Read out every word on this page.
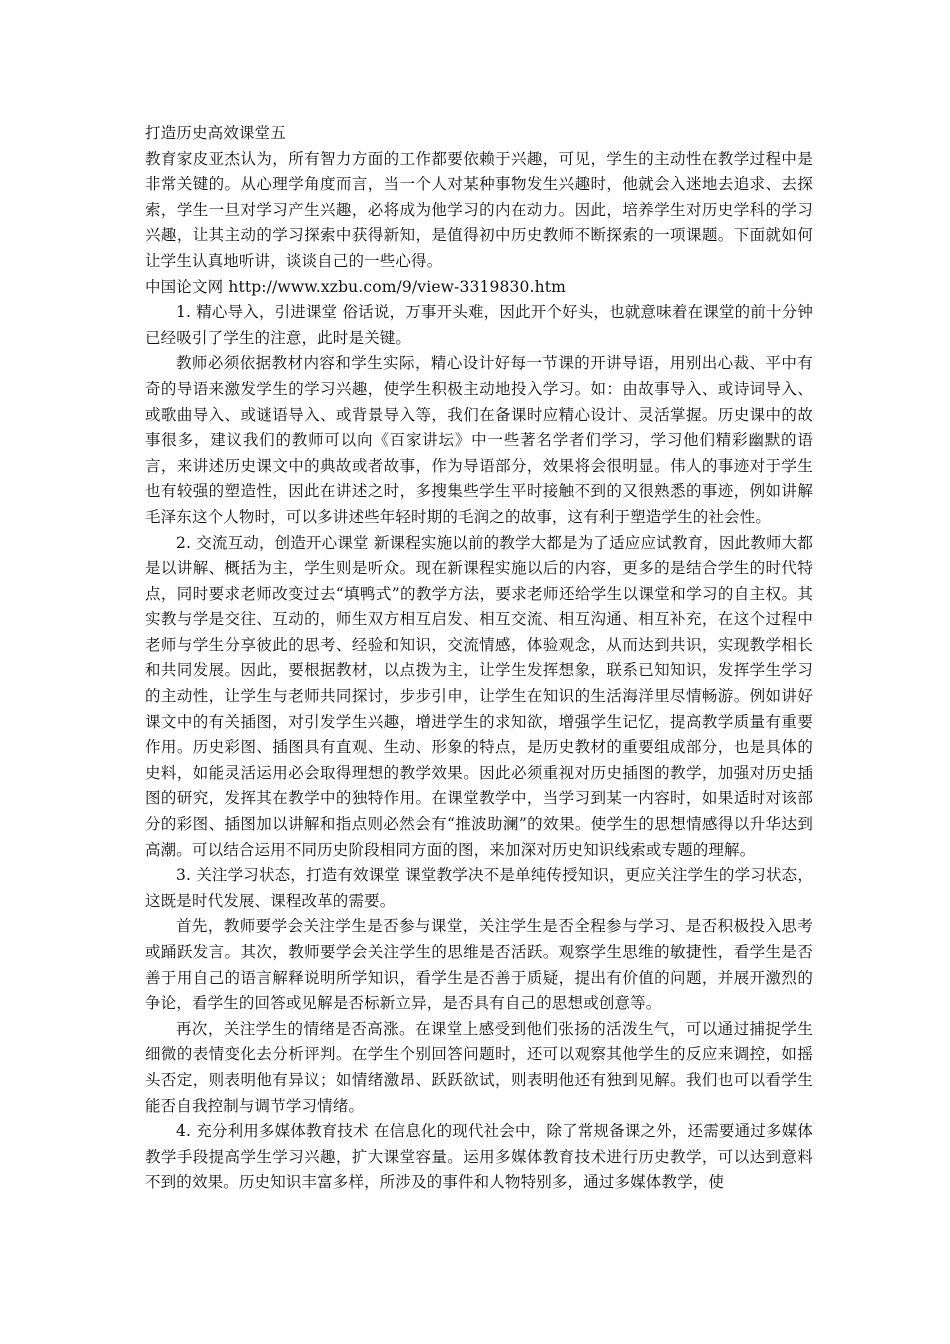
打造历史高效课堂五

教育家皮亚杰认为，所有智力方面的工作都要依赖于兴趣，可见，学生的主动性在教学过程中是非常关键的。从心理学角度而言，当一个人对某种事物发生兴趣时，他就会入迷地去追求、去探索，学生一旦对学习产生兴趣，必将成为他学习的内在动力。因此，培养学生对历史学科的学习兴趣，让其主动的学习探索中获得新知，是值得初中历史教师不断探索的一项课题。下面就如何让学生认真地听讲，谈谈自己的一些心得。

中国论文网 http://www.xzbu.com/9/view-3319830.htm

1. 精心导入，引进课堂 俗话说，万事开头难，因此开个好头，也就意味着在课堂的前十分钟已经吸引了学生的注意，此时是关键。

教师必须依据教材内容和学生实际，精心设计好每一节课的开讲导语，用别出心裁、平中有奇的导语来激发学生的学习兴趣，使学生积极主动地投入学习。如：由故事导入、或诗词导入、或歌曲导入、或谜语导入、或背景导入等，我们在备课时应精心设计、灵活掌握。历史课中的故事很多，建议我们的教师可以向《百家讲坛》中一些著名学者们学习，学习他们精彩幽默的语言，来讲述历史课文中的典故或者故事，作为导语部分，效果将会很明显。伟人的事迹对于学生也有较强的塑造性，因此在讲述之时，多搜集些学生平时接触不到的又很熟悉的事迹，例如讲解毛泽东这个人物时，可以多讲述些年轻时期的毛润之的故事，这有利于塑造学生的社会性。

2. 交流互动，创造开心课堂 新课程实施以前的教学大都是为了适应应试教育，因此教师大都是以讲解、概括为主，学生则是听众。现在新课程实施以后的内容，更多的是结合学生的时代特点，同时要求老师改变过去“填鸭式”的教学方法，要求老师还给学生以课堂和学习的自主权。其实教与学是交往、互动的，师生双方相互启发、相互交流、相互沟通、相互补充，在这个过程中老师与学生分享彼此的思考、经验和知识，交流情感，体验观念，从而达到共识，实现教学相长和共同发展。因此，要根据教材，以点拨为主，让学生发挥想象，联系已知知识，发挥学生学习的主动性，让学生与老师共同探讨，步步引申，让学生在知识的生活海洋里尽情畅游。例如讲好课文中的有关插图，对引发学生兴趣，增进学生的求知欲，增强学生记忆，提高教学质量有重要作用。历史彩图、插图具有直观、生动、形象的特点，是历史教材的重要组成部分，也是具体的史料，如能灵活运用必会取得理想的教学效果。因此必须重视对历史插图的教学，加强对历史插图的研究，发挥其在教学中的独特作用。在课堂教学中，当学习到某一内容时，如果适时对该部分的彩图、插图加以讲解和指点则必然会有“推波助澜”的效果。使学生的思想情感得以升华达到高潮。可以结合运用不同历史阶段相同方面的图，来加深对历史知识线索或专题的理解。

3. 关注学习状态，打造有效课堂 课堂教学决不是单纯传授知识，更应关注学生的学习状态，这既是时代发展、课程改革的需要。

首先，教师要学会关注学生是否参与课堂，关注学生是否全程参与学习、是否积极投入思考或踊跃发言。其次，教师要学会关注学生的思维是否活跃。观察学生思维的敏捷性，看学生是否善于用自己的语言解释说明所学知识，看学生是否善于质疑，提出有价值的问题，并展开激烈的争论，看学生的回答或见解是否标新立异，是否具有自己的思想或创意等。

再次，关注学生的情绪是否高涨。在课堂上感受到他们张扬的活泼生气，可以通过捕捉学生细微的表情变化去分析评判。在学生个别回答问题时，还可以观察其他学生的反应来调控，如摇头否定，则表明他有异议；如情绪激昂、跃跃欲试，则表明他还有独到见解。我们也可以看学生能否自我控制与调节学习情绪。

4. 充分利用多媒体教育技术 在信息化的现代社会中，除了常规备课之外，还需要通过多媒体教学手段提高学生学习兴趣，扩大课堂容量。运用多媒体教育技术进行历史教学，可以达到意料不到的效果。历史知识丰富多样，所涉及的事件和人物特别多，通过多媒体教学，使
